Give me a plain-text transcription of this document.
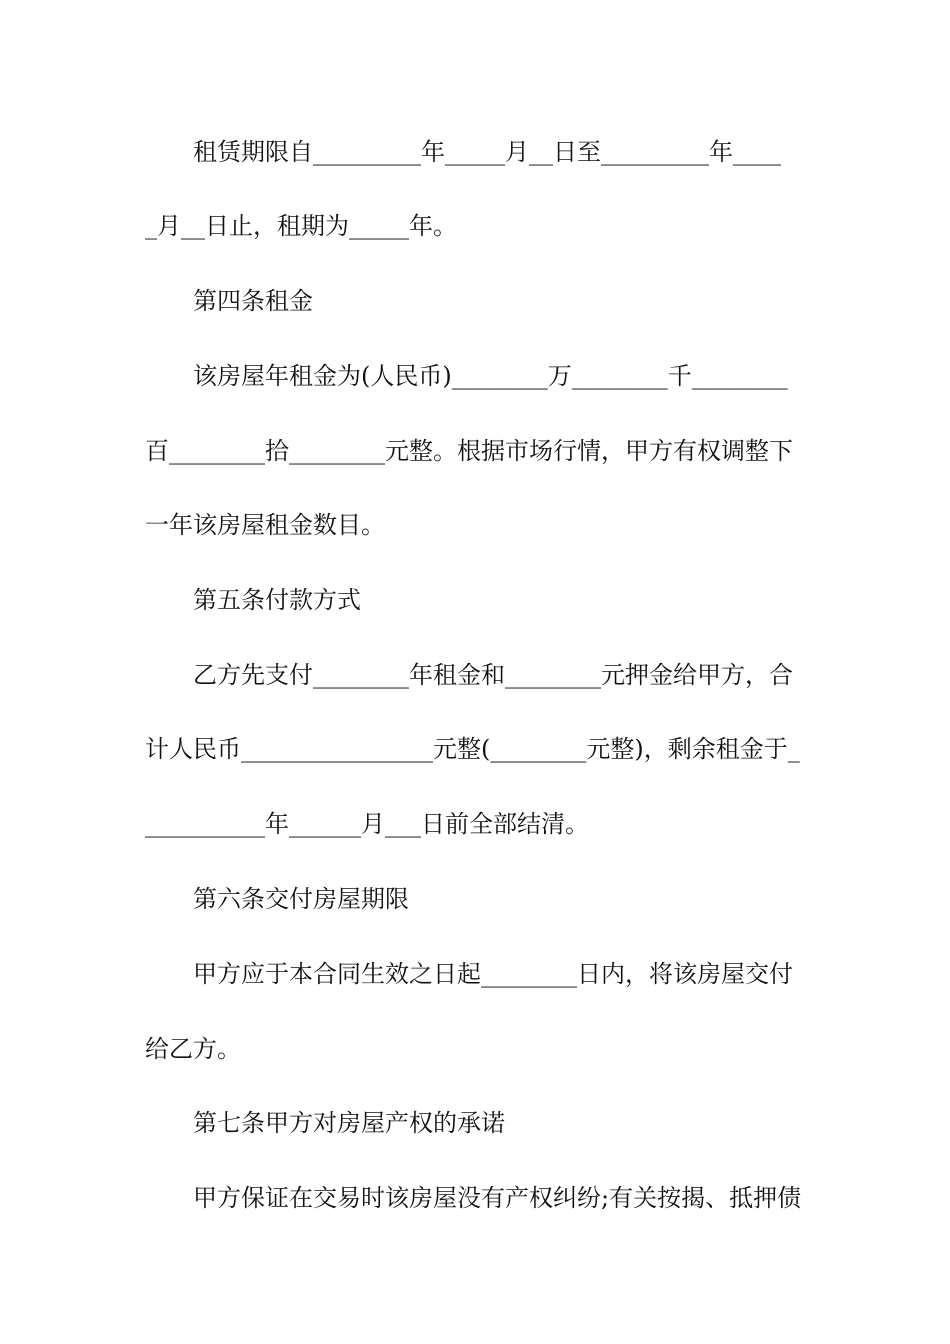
租赁期限自_________年_____月__日至_________年____
_月__日止，租期为_____年。
第四条租金
该房屋年租金为(人民币)________万________千________
百________拾________元整。根据市场行情，甲方有权调整下
一年该房屋租金数目。
第五条付款方式
乙方先支付________年租金和________元押金给甲方，合
计人民币________________元整(________元整)，剩余租金于_
__________年______月___日前全部结清。
第六条交付房屋期限
甲方应于本合同生效之日起________日内，将该房屋交付
给乙方。
第七条甲方对房屋产权的承诺
甲方保证在交易时该房屋没有产权纠纷;有关按揭、抵押债
